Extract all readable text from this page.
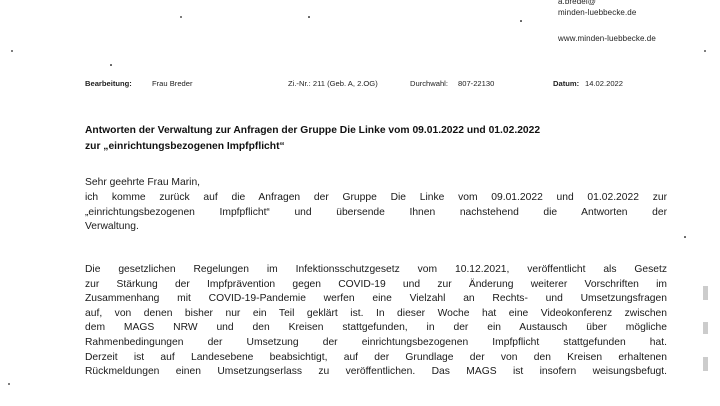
a.bredel@
minden-luebbecke.de
www.minden-luebbecke.de
Bearbeitung:	Frau Breder	Zi.-Nr.: 211 (Geb. A, 2.OG)	Durchwahl: 807-22130	Datum: 14.02.2022
Antworten der Verwaltung zur Anfragen der Gruppe Die Linke vom 09.01.2022 und 01.02.2022
zur „einrichtungsbezogenen Impfpflicht“
Sehr geehrte Frau Marin,
ich komme zurück auf die Anfragen der Gruppe Die Linke vom 09.01.2022 und 01.02.2022 zur
„einrichtungsbezogenen Impfpflicht“ und übersende Ihnen nachstehend die Antworten der
Verwaltung.
Die gesetzlichen Regelungen im Infektionsschutzgesetz vom 10.12.2021, veröffentlicht als Gesetz
zur Stärkung der Impfprävention gegen COVID-19 und zur Änderung weiterer Vorschriften im
Zusammenhang mit COVID-19-Pandemie werfen eine Vielzahl an Rechts- und Umsetzungsfragen
auf, von denen bisher nur ein Teil geklärt ist. In dieser Woche hat eine Videokonferenz zwischen
dem MAGS NRW und den Kreisen stattgefunden, in der ein Austausch über mögliche
Rahmenbedingungen der Umsetzung der einrichtungsbezogenen Impfpflicht stattgefunden hat.
Derzeit ist auf Landesebene beabsichtigt, auf der Grundlage der von den Kreisen erhaltenen
Rückmeldungen einen Umsetzungserlass zu veröffentlichen. Das MAGS ist insofern weisungsbefugt.
